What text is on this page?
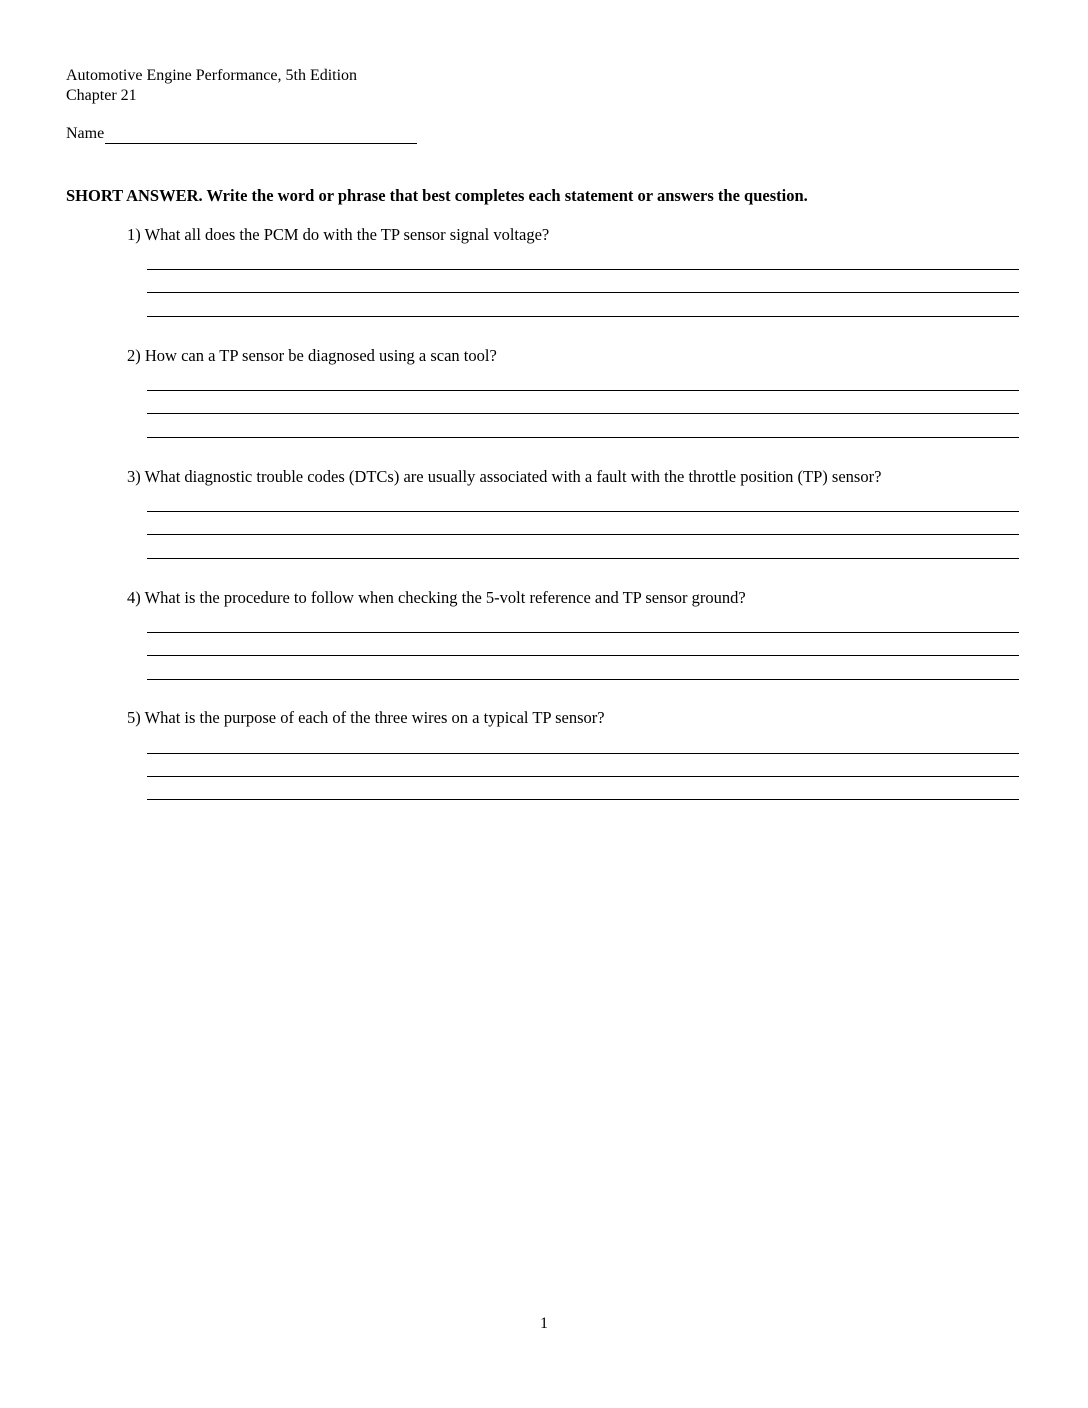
Automotive Engine Performance, 5th Edition
Chapter 21
Name
SHORT ANSWER. Write the word or phrase that best completes each statement or answers the question.

1) What all does the PCM do with the TP sensor signal voltage?

2) How can a TP sensor be diagnosed using a scan tool?

3) What diagnostic trouble codes (DTCs) are usually associated with a fault with the throttle position (TP) sensor?

4) What is the procedure to follow when checking the 5-volt reference and TP sensor ground?

5) What is the purpose of each of the three wires on a typical TP sensor?

1
